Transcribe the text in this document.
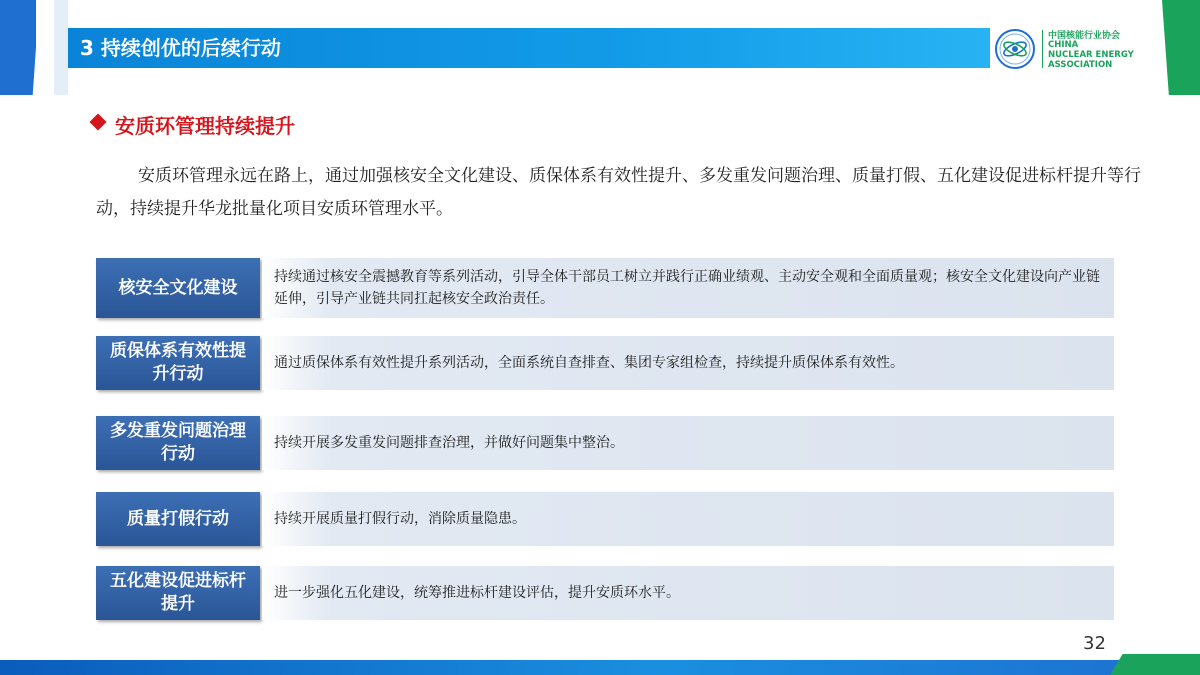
3 持续创优的后续行动	中国核能行业协会
CHINA
NUCLEAR ENERGY
ASSOCIATION
安质环管理持续提升
安质环管理永远在路上，通过加强核安全文化建设、质保体系有效性提升、多发重发问题治理、质量打假、五化建设促进标杆提升等行动，持续提升华龙批量化项目安质环管理水平。
核安全文化建设
持续通过核安全震撼教育等系列活动，引导全体干部员工树立并践行正确业绩观、主动安全观和全面质量观；核安全文化建设向产业链延伸，引导产业链共同扛起核安全政治责任。
质保体系有效性提升行动
通过质保体系有效性提升系列活动，全面系统自查排查、集团专家组检查，持续提升质保体系有效性。
多发重发问题治理行动
持续开展多发重发问题排查治理，并做好问题集中整治。
质量打假行动	持续开展质量打假行动，消除质量隐患。
五化建设促进标杆提升
进一步强化五化建设，统筹推进标杆建设评估，提升安质环水平。
32
